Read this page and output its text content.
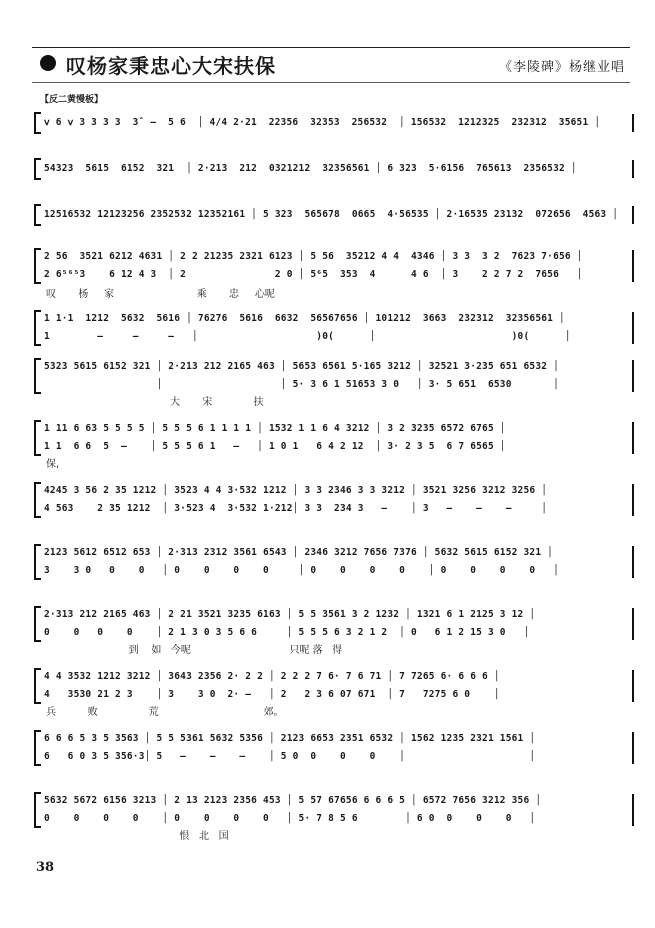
叹杨家秉忠心大宋扶保	《李陵碑》杨继业唱
【反二黄慢板】
ⅴ 6 ⅴ 3 3 3 3  3̂  —  5 6  │ 4/4 2·21  22356  32353  256532  │ 156532  1212325  232312  35651 │
54323  5615  6152  321  │ 2·213  212  0321212  32356561 │ 6 323  5·6156  765613  2356532 │
12516532 12123256 2352532 12352161 │ 5 323  565678  0665  4·56535 │ 2·16535 23132  072656  4563 │
2 56  3521 6212 4631 │ 2 2 21235 2321 6123 │ 5 56  35212 4 4  4346 │ 3 3  3 2  7623 7·656 │
2 6⁵⁶⁵3    6 12 4 3  │ 2               2 0 │ 5⁶5  353  4      4 6  │ 3    2 2 7 2  7656   │
叹       杨     家                          乘       忠     心呢
1 1·1  1212  5632  5616 │ 76276  5616  6632  56567656 │ 101212  3663  232312  32356561 │
1        —     —     —   │                    )0(      │                       )0(      │
5323 5615 6152 321 │ 2·213 212 2165 463 │ 5653 6561 5·165 3212 │ 32521 3·235 651 6532 │
│                    │ 5· 3 6 1 51653 3 0   │ 3· 5 651  6530       │
大       宋             扶
1 11 6 63 5 5 5 5 │ 5 5 5 6 1 1 1 1 │ 1532 1 1 6 4 3212 │ 3 2 3235 6572 6765 │
1 1  6 6  5  —    │ 5 5 5 6 1   —   │ 1 0 1   6 4 2 12  │ 3· 2 3 5  6 7 6565 │
保,
4245 3 56 2 35 1212 │ 3523 4 4 3·532 1212 │ 3 3 2346 3 3 3212 │ 3521 3256 3212 3256 │
4 563    2 35 1212  │ 3·523 4  3·532 1·212│ 3 3  234 3   —    │ 3   —    —    —     │
2123 5612 6512 653 │ 2·313 2312 3561 6543 │ 2346 3212 7656 7376 │ 5632 5615 6152 321 │
3    3 0   0    0   │ 0    0    0    0     │ 0    0    0    0    │ 0    0    0    0   │
2·313 212 2165 463 │ 2 21 3521 3235 6163 │ 5 5 3561 3 2 1232 │ 1321 6 1 2125 3 12 │
0    0   0    0    │ 2 1 3 0 3 5 6 6     │ 5 5 5 6 3 2 1 2  │ 0   6 1 2 15 3 0   │
到    如   今呢                               只呢 落   得
4 4 3532 1212 3212 │ 3643 2356 2· 2 2 │ 2 2 2 7 6· 7 6 71 │ 7 7265 6· 6 6 6 │
4   3530 21 2 3    │ 3    3 0  2· —   │ 2   2 3 6 07 671  │ 7   7275 6 0    │
兵          败                荒                                 郊。
6 6 6 5 3 5 3563 │ 5 5 5361 5632 5356 │ 2123 6653 2351 6532 │ 1562 1235 2321 1561 │
6   6 0 3 5 356·3│ 5   —    —    —    │ 5 0  0    0    0    │                     │
5632 5672 6156 3213 │ 2 13 2123 2356 453 │ 5 57 67656 6 6 6 5 │ 6572 7656 3212 356 │
0    0    0    0    │ 0    0    0    0   │ 5· 7 8 5 6        │ 6 0  0    0    0   │
恨   北   国
38
